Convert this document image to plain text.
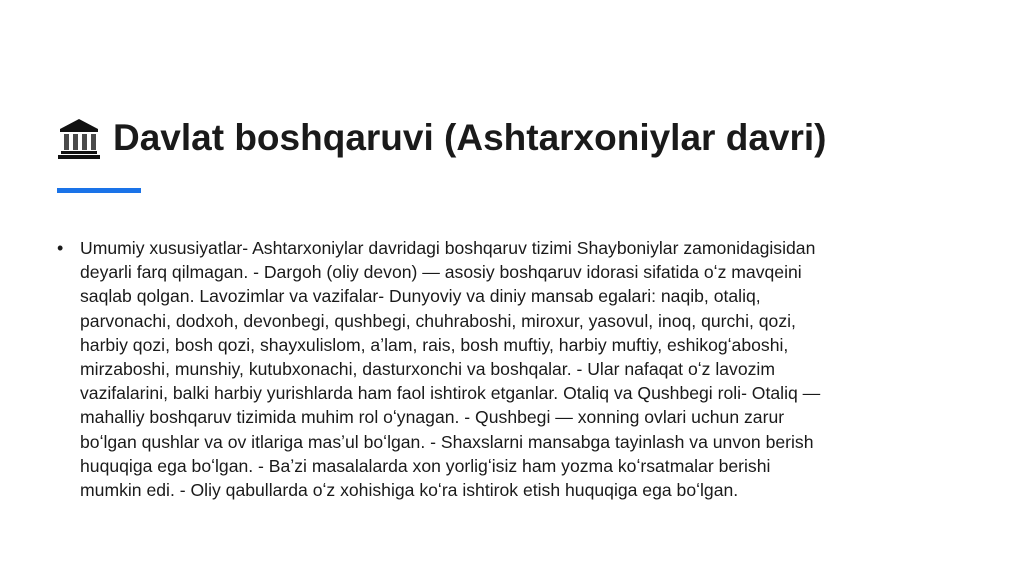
Davlat boshqaruvi (Ashtarxoniylar davri)
• Umumiy xususiyatlar- Ashtarxoniylar davridagi boshqaruv tizimi Shayboniylar zamonidagisidan
deyarli farq qilmagan. - Dargoh (oliy devon) — asosiy boshqaruv idorasi sifatida oʻz mavqeini
saqlab qolgan. Lavozimlar va vazifalar- Dunyoviy va diniy mansab egalari: naqib, otaliq,
parvonachi, dodxoh, devonbegi, qushbegi, chuhraboshi, miroxur, yasovul, inoq, qurchi, qozi,
harbiy qozi, bosh qozi, shayxulislom, aʼlam, rais, bosh muftiy, harbiy muftiy, eshikogʻaboshi,
mirzaboshi, munshiy, kutubxonachi, dasturxonchi va boshqalar. - Ular nafaqat oʻz lavozim
vazifalarini, balki harbiy yurishlarda ham faol ishtirok etganlar. Otaliq va Qushbegi roli- Otaliq —
mahalliy boshqaruv tizimida muhim rol oʻynagan. - Qushbegi — xonning ovlari uchun zarur
boʻlgan qushlar va ov itlariga masʼul boʻlgan. - Shaxslarni mansabga tayinlash va unvon berish
huquqiga ega boʻlgan. - Baʼzi masalalarda xon yorligʻisiz ham yozma koʻrsatmalar berishi
mumkin edi. - Oliy qabullarda oʻz xohishiga koʻra ishtirok etish huquqiga ega boʻlgan.
